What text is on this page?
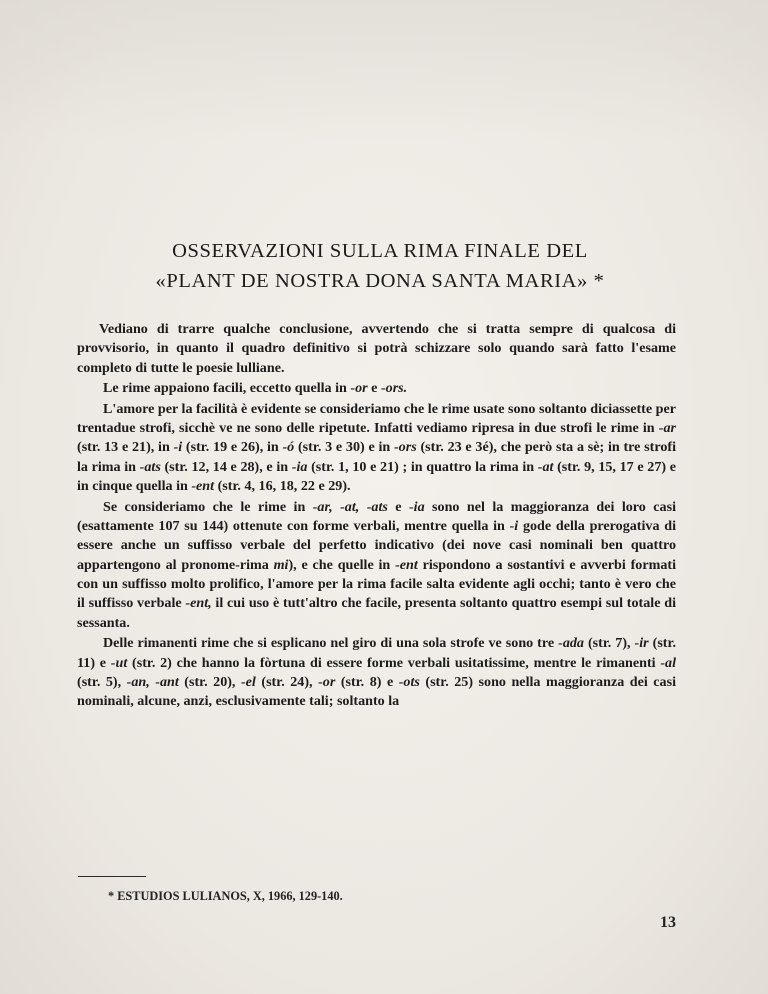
OSSERVAZIONI SULLA RIMA FINALE DEL
«PLANT DE NOSTRA DONA SANTA MARIA» *

Vediano di trarre qualche conclusione, avvertendo che si tratta sempre di qualcosa di provvisorio, in quanto il quadro definitivo si potrà schizzare solo quando sarà fatto l'esame completo di tutte le poesie lulliane.

Le rime appaiono facili, eccetto quella in -or e -ors.

L'amore per la facilità è evidente se consideriamo che le rime usate sono soltanto diciassette per trentadue strofi, sicchè ve ne sono delle ripetute. Infatti vediamo ripresa in due strofi le rime in -ar (str. 13 e 21), in -i (str. 19 e 26), in -ó (str. 3 e 30) e in -ors (str. 23 e 3é), che però sta a sè; in tre strofi la rima in -ats (str. 12, 14 e 28), e in -ia (str. 1, 10 e 21) ; in quattro la rima in -at (str. 9, 15, 17 e 27) e in cinque quella in -ent (str. 4, 16, 18, 22 e 29).

Se consideriamo che le rime in -ar, -at, -ats e -ia sono nel la maggioranza dei loro casi (esattamente 107 su 144) ottenute con forme verbali, mentre quella in -i gode della prerogativa di essere anche un suffisso verbale del perfetto indicativo (dei nove casi nominali ben quattro appartengono al pronome-rima mi), e che quelle in -ent rispondono a sostantivi e avverbi formati con un suffisso molto prolifico, l'amore per la rima facile salta evidente agli occhi; tanto è vero che il suffisso verbale -ent, il cui uso è tutt'altro che facile, presenta soltanto quattro esempi sul totale di sessanta.

Delle rimanenti rime che si esplicano nel giro di una sola strofe ve sono tre -ada (str. 7), -ir (str. 11) e -ut (str. 2) che hanno la fòrtuna di essere forme verbali usitatissime, mentre le rimanenti -al (str. 5), -an, -ant (str. 20), -el (str. 24), -or (str. 8) e -ots (str. 25) sono nella maggioranza dei casi nominali, alcune, anzi, esclusivamente tali; soltanto la

* ESTUDIOS LULIANOS, X, 1966, 129-140.
13
